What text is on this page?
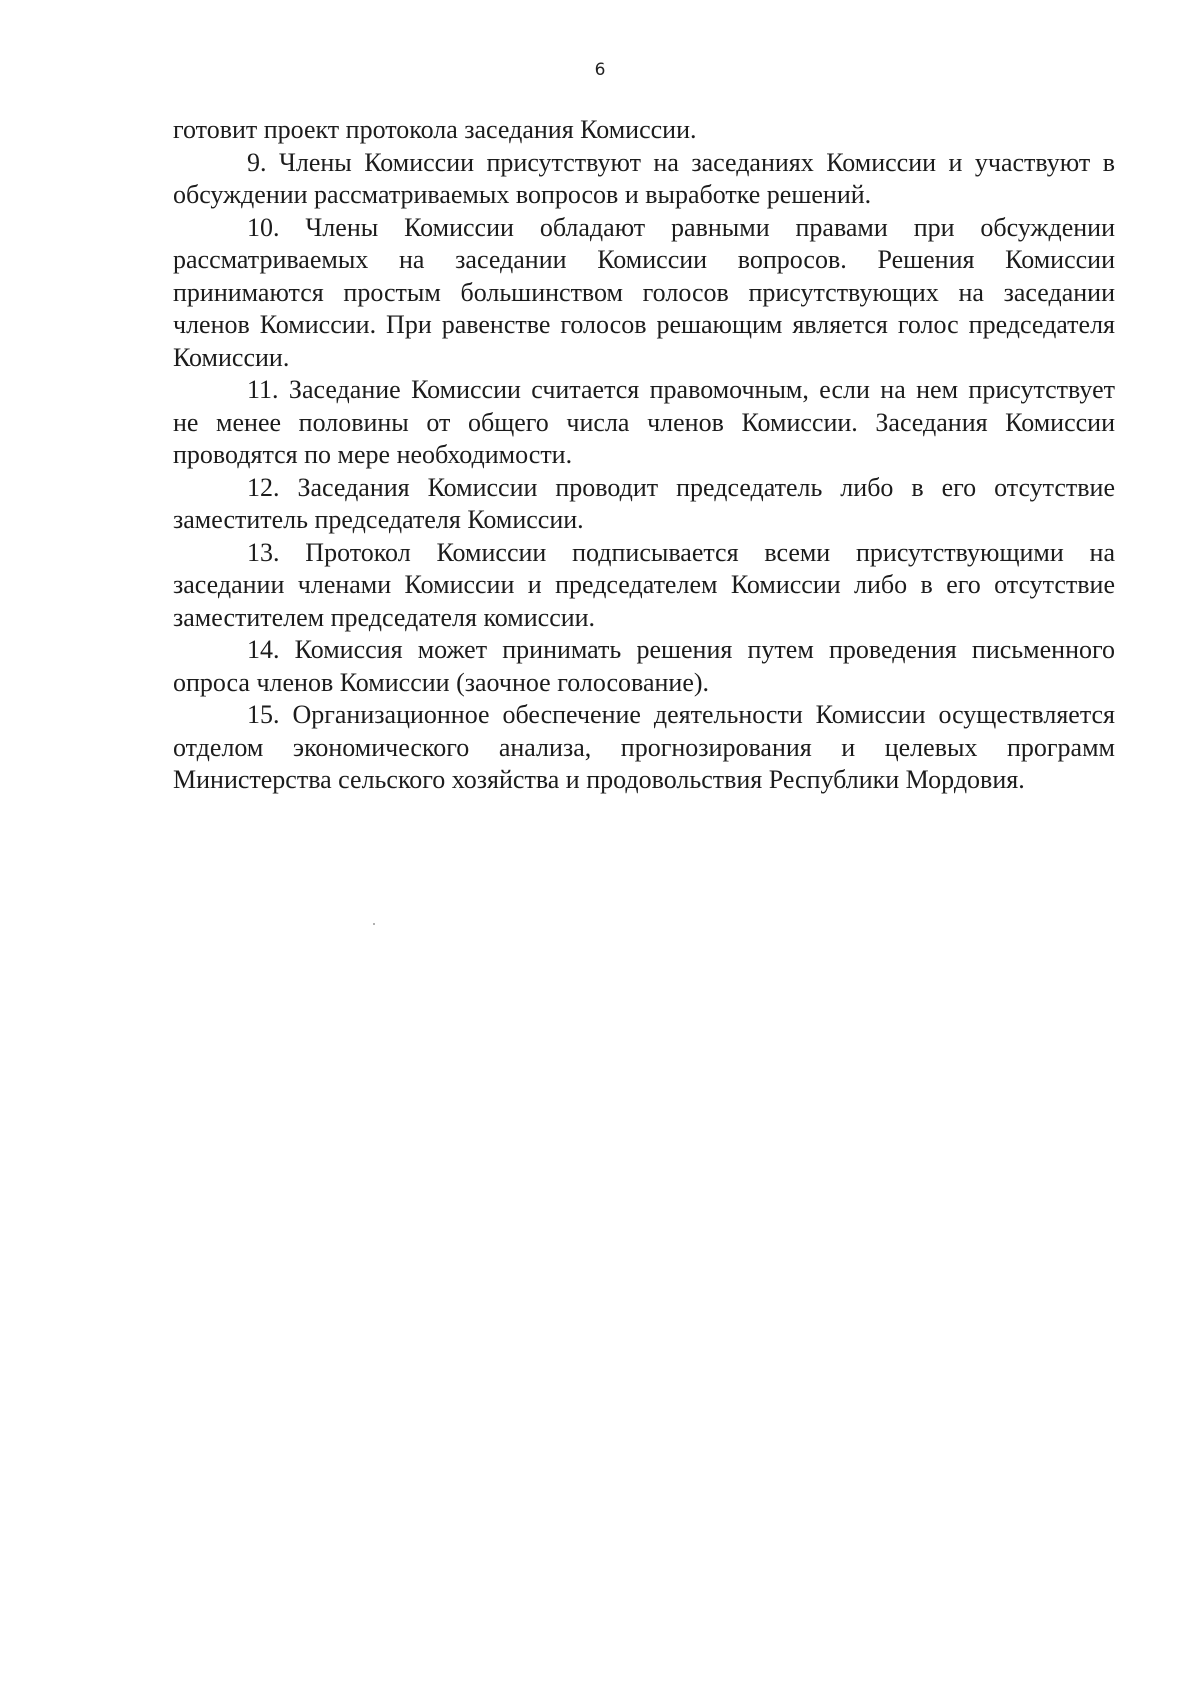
6

готовит проект протокола заседания Комиссии.

9. Члены Комиссии присутствуют на заседаниях Комиссии и участвуют в обсуждении рассматриваемых вопросов и выработке решений.

10. Члены Комиссии обладают равными правами при обсуждении рассматриваемых на заседании Комиссии вопросов. Решения Комиссии принимаются простым большинством голосов присутствующих на заседании членов Комиссии. При равенстве голосов решающим является голос председателя Комиссии.

11. Заседание Комиссии считается правомочным, если на нем присутствует не менее половины от общего числа членов Комиссии. Заседания Комиссии проводятся по мере необходимости.

12. Заседания Комиссии проводит председатель либо в его отсутствие заместитель председателя Комиссии.

13. Протокол Комиссии подписывается всеми присутствующими на заседании членами Комиссии и председателем Комиссии либо в его отсутствие заместителем председателя комиссии.

14. Комиссия может принимать решения путем проведения письменного опроса членов Комиссии (заочное голосование).

15. Организационное обеспечение деятельности Комиссии осуществляется отделом экономического анализа, прогнозирования и целевых программ Министерства сельского хозяйства и продовольствия Республики Мордовия.
